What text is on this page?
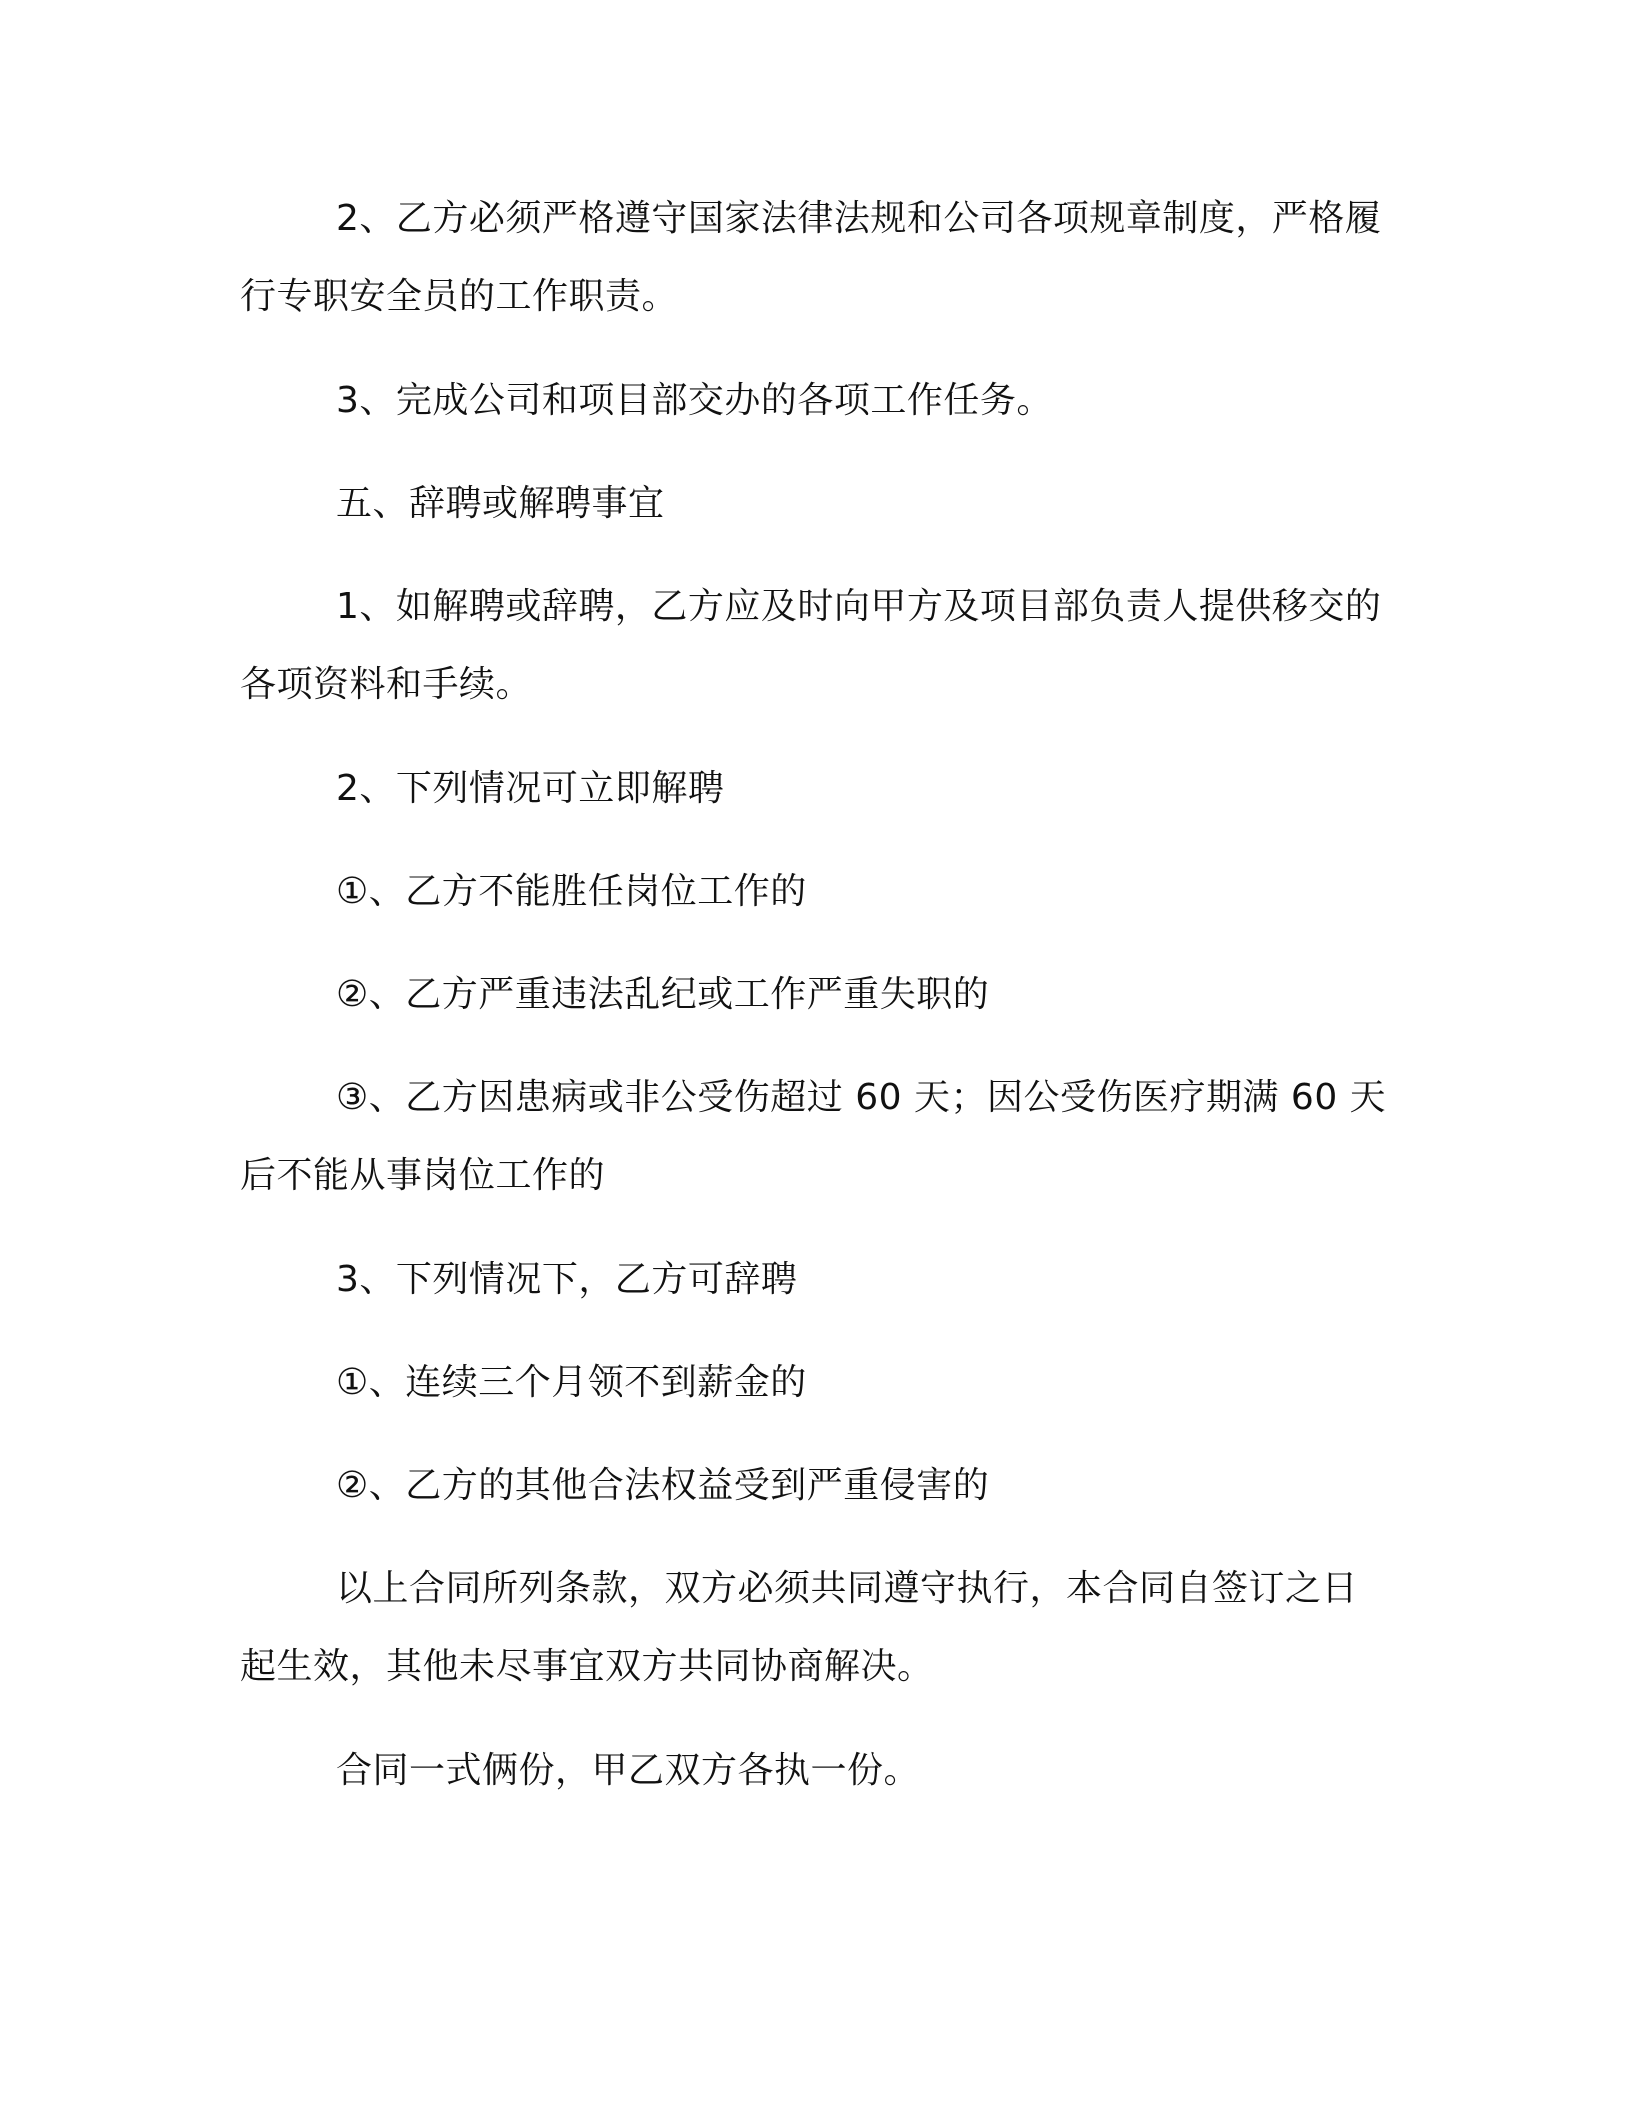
2、乙方必须严格遵守国家法律法规和公司各项规章制度，严格履行专职安全员的工作职责。

3、完成公司和项目部交办的各项工作任务。

五、辞聘或解聘事宜

1、如解聘或辞聘，乙方应及时向甲方及项目部负责人提供移交的各项资料和手续。

2、下列情况可立即解聘

①、乙方不能胜任岗位工作的

②、乙方严重违法乱纪或工作严重失职的

③、乙方因患病或非公受伤超过 60 天；因公受伤医疗期满 60 天后不能从事岗位工作的

3、下列情况下，乙方可辞聘

①、连续三个月领不到薪金的

②、乙方的其他合法权益受到严重侵害的

以上合同所列条款，双方必须共同遵守执行，本合同自签订之日起生效，其他未尽事宜双方共同协商解决。

合同一式俩份，甲乙双方各执一份。
